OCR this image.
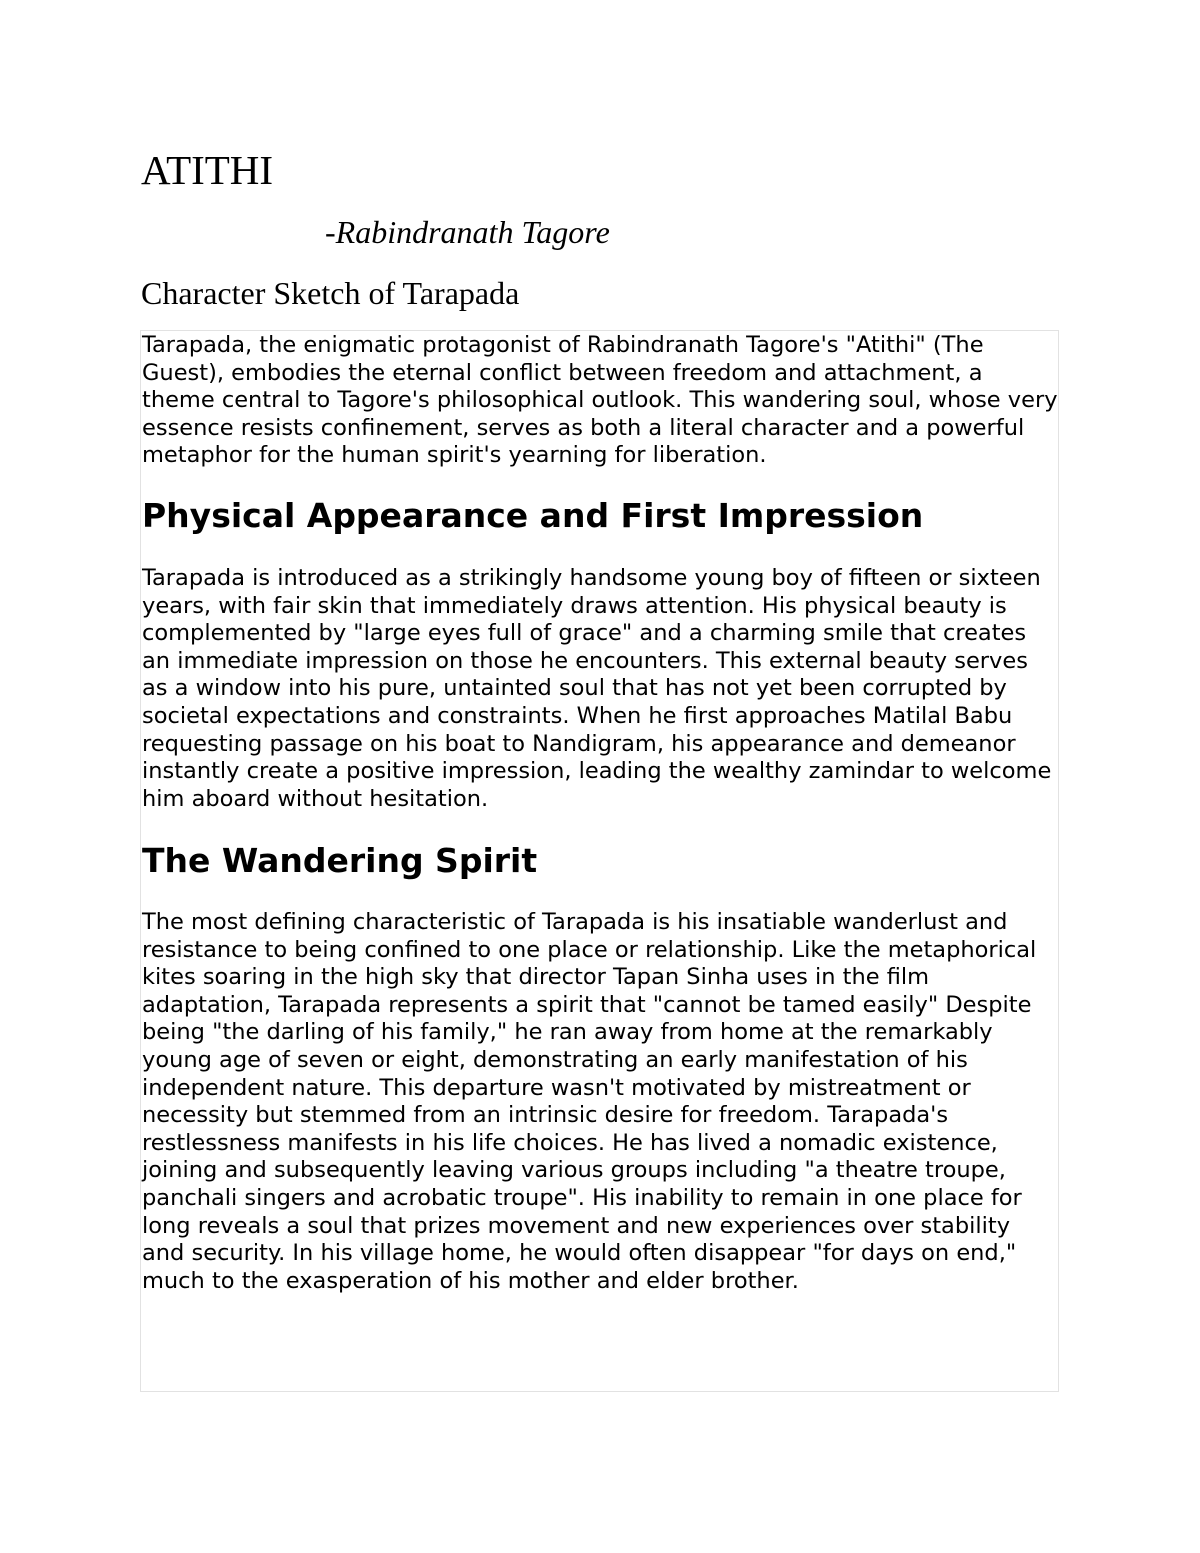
ATITHI
-Rabindranath Tagore
Character Sketch of Tarapada

Tarapada, the enigmatic protagonist of Rabindranath Tagore's "Atithi" (The Guest), embodies the eternal conflict between freedom and attachment, a theme central to Tagore's philosophical outlook. This wandering soul, whose very essence resists confinement, serves as both a literal character and a powerful metaphor for the human spirit's yearning for liberation.

Physical Appearance and First Impression

Tarapada is introduced as a strikingly handsome young boy of fifteen or sixteen years, with fair skin that immediately draws attention. His physical beauty is complemented by "large eyes full of grace" and a charming smile that creates an immediate impression on those he encounters. This external beauty serves as a window into his pure, untainted soul that has not yet been corrupted by societal expectations and constraints. When he first approaches Matilal Babu requesting passage on his boat to Nandigram, his appearance and demeanor instantly create a positive impression, leading the wealthy zamindar to welcome him aboard without hesitation.

The Wandering Spirit

The most defining characteristic of Tarapada is his insatiable wanderlust and resistance to being confined to one place or relationship. Like the metaphorical kites soaring in the high sky that director Tapan Sinha uses in the film adaptation, Tarapada represents a spirit that "cannot be tamed easily" Despite being "the darling of his family," he ran away from home at the remarkably young age of seven or eight, demonstrating an early manifestation of his independent nature. This departure wasn't motivated by mistreatment or necessity but stemmed from an intrinsic desire for freedom. Tarapada's restlessness manifests in his life choices. He has lived a nomadic existence, joining and subsequently leaving various groups including "a theatre troupe, panchali singers and acrobatic troupe". His inability to remain in one place for long reveals a soul that prizes movement and new experiences over stability and security. In his village home, he would often disappear "for days on end," much to the exasperation of his mother and elder brother.
